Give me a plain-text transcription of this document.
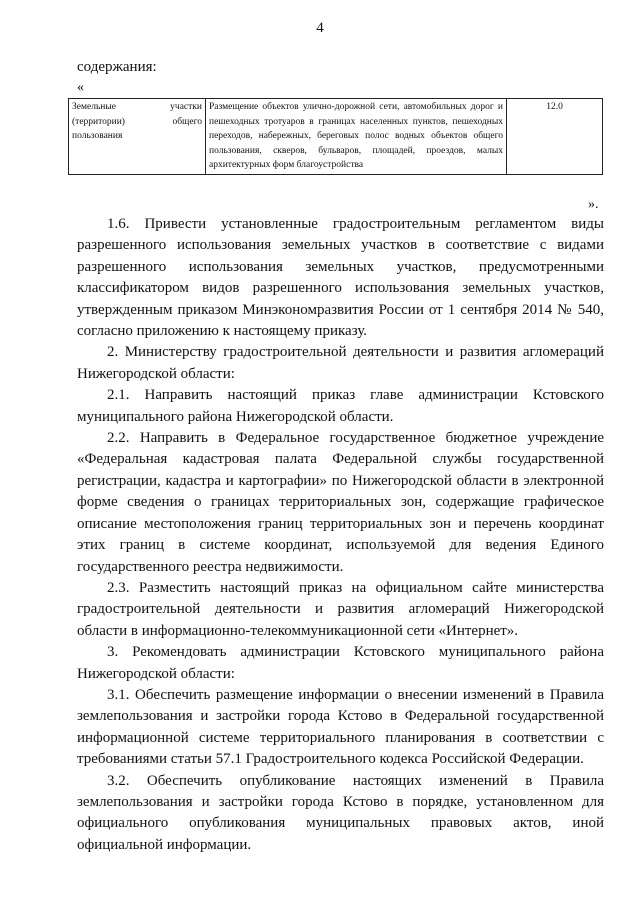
4
содержания:
«
Земельные участки (территории) общего пользования	Размещение объектов улично-дорожной сети, автомобильных дорог и пешеходных тротуаров в границах населенных пунктов, пешеходных переходов, набережных, береговых полос водных объектов общего пользования, скверов, бульваров, площадей, проездов, малых архитектурных форм благоустройства	12.0
».

1.6. Привести установленные градостроительным регламентом виды разрешенного использования земельных участков в соответствие с видами разрешенного использования земельных участков, предусмотренными классификатором видов разрешенного использования земельных участков, утвержденным приказом Минэкономразвития России от 1 сентября 2014 № 540, согласно приложению к настоящему приказу.

2. Министерству градостроительной деятельности и развития агломераций Нижегородской области:

2.1. Направить настоящий приказ главе администрации Кстовского муниципального района Нижегородской области.

2.2. Направить в Федеральное государственное бюджетное учреждение «Федеральная кадастровая палата Федеральной службы государственной регистрации, кадастра и картографии» по Нижегородской области в электронной форме сведения о границах территориальных зон, содержащие графическое описание местоположения границ территориальных зон и перечень координат этих границ в системе координат, используемой для ведения Единого государственного реестра недвижимости.

2.3. Разместить настоящий приказ на официальном сайте министерства градостроительной деятельности и развития агломераций Нижегородской области в информационно-телекоммуникационной сети «Интернет».

3. Рекомендовать администрации Кстовского муниципального района Нижегородской области:

3.1. Обеспечить размещение информации о внесении изменений в Правила землепользования и застройки города Кстово в Федеральной государственной информационной системе территориального планирования в соответствии с требованиями статьи 57.1 Градостроительного кодекса Российской Федерации.

3.2. Обеспечить опубликование настоящих изменений в Правила землепользования и застройки города Кстово в порядке, установленном для официального опубликования муниципальных правовых актов, иной официальной информации.
